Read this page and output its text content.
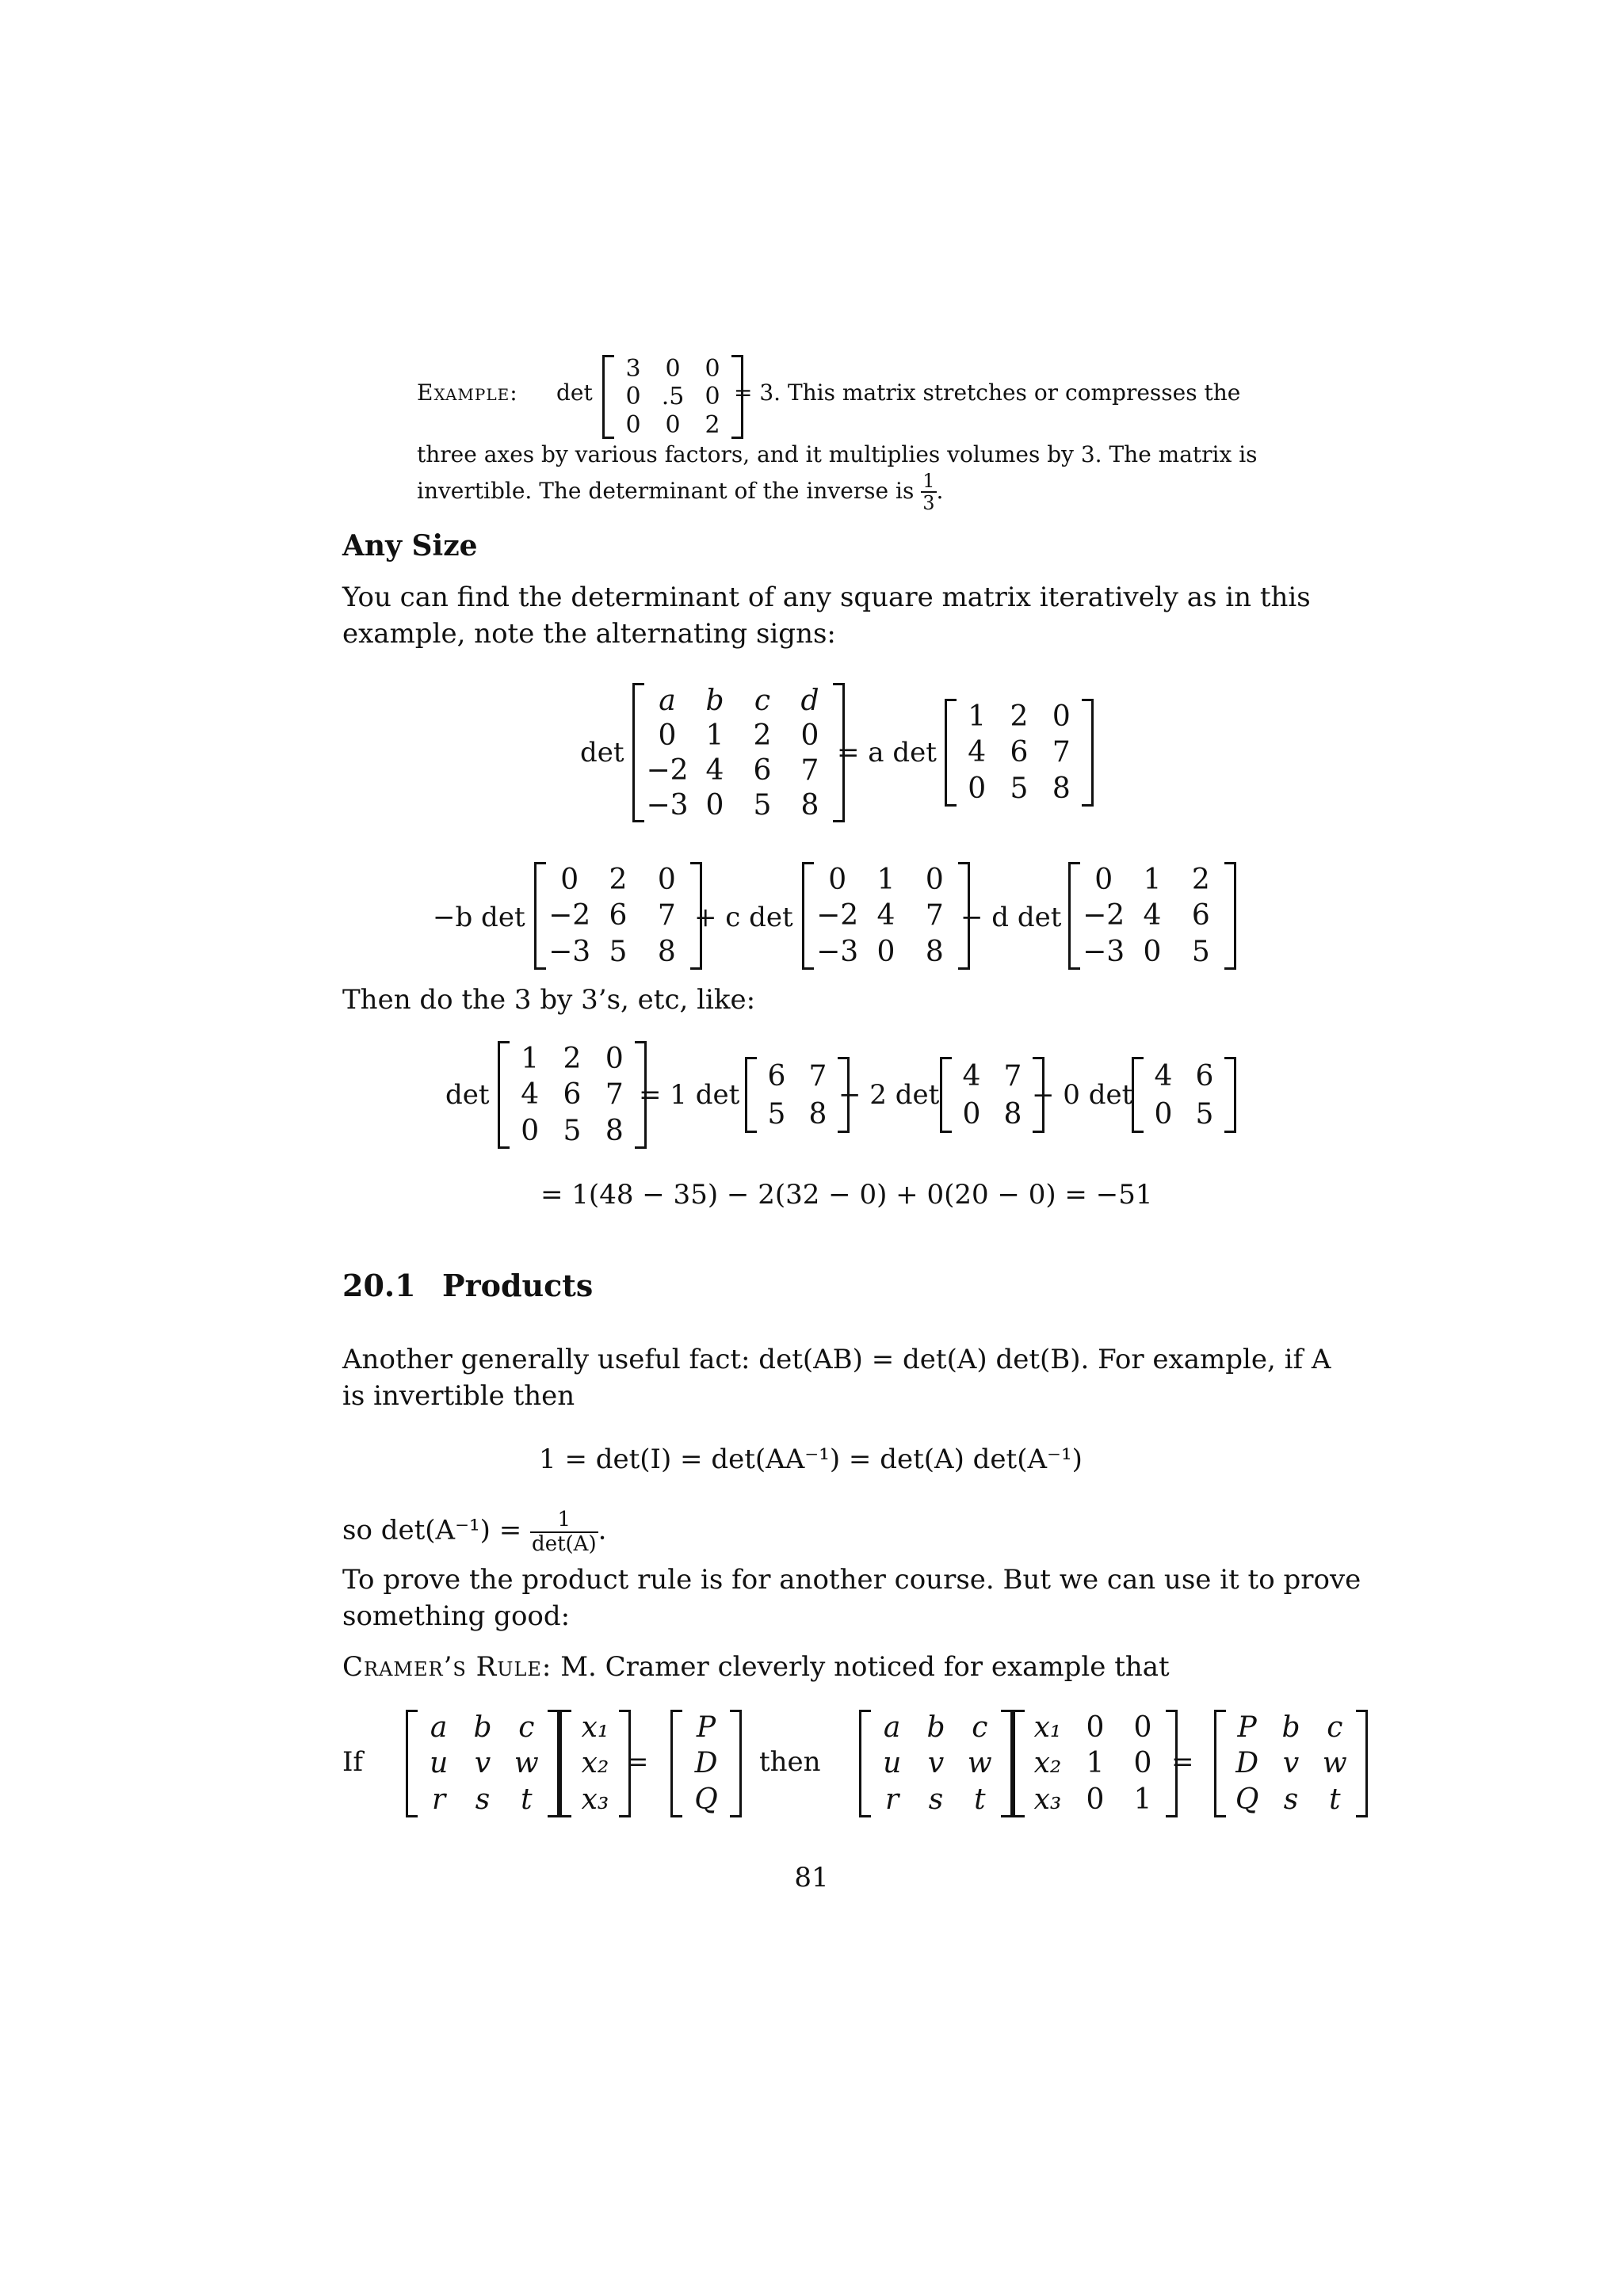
Example: det
3	0	0
0 .5 0
0	0	2
= 3. This matrix stretches or compresses the
three axes by various factors, and it multiplies volumes by 3. The matrix is
invertible. The determinant of the inverse is $\frac{1}{3}$ .
Any Size
You can find the determinant of any square matrix iteratively as in this
example, note the alternating signs:
det
a	b	c	d
0	1	2	0
−2 4	6	7
−3 0	5	8
= a det
1 2 0
4 6 7
0 5 8
−b det
0	2	0
−2 6	7
−3 5	8
+ c det
0	1	0
−2 4	7
−3 0	8
− d det
0	1	2
−2 4	6
−3 0	5
Then do the 3 by 3’s, etc, like:
det
1 2 0
4 6 7
0 5 8
= 1 det
6 7
5 8
− 2 det
4 7
0 8
+ 0 det
4 6
0 5
= 1(48 − 35) − 2(32 − 0) + 0(20 − 0) = −51
20.1 Products
Another generally useful fact: det(AB) = det(A) det(B). For example, if A
is invertible then
1 = det(I) = det(AA⁻¹) = det(A) det(A⁻¹)
so $\det(A^{-1}) = \frac{1}{\det(A)}$ .
To prove the product rule is for another course. But we can use it to prove
something good:
Cramer’s Rule: M. Cramer cleverly noticed for example that
If
a b c
u v w
r	s	t
x₁
x₂
x₃
=
P
D
Q
then
a b c
u v w
r	s	t
x₁ 0	0
x₂ 1	0
x₃ 0	1
=
P b c
D v w
Q s	t
81
